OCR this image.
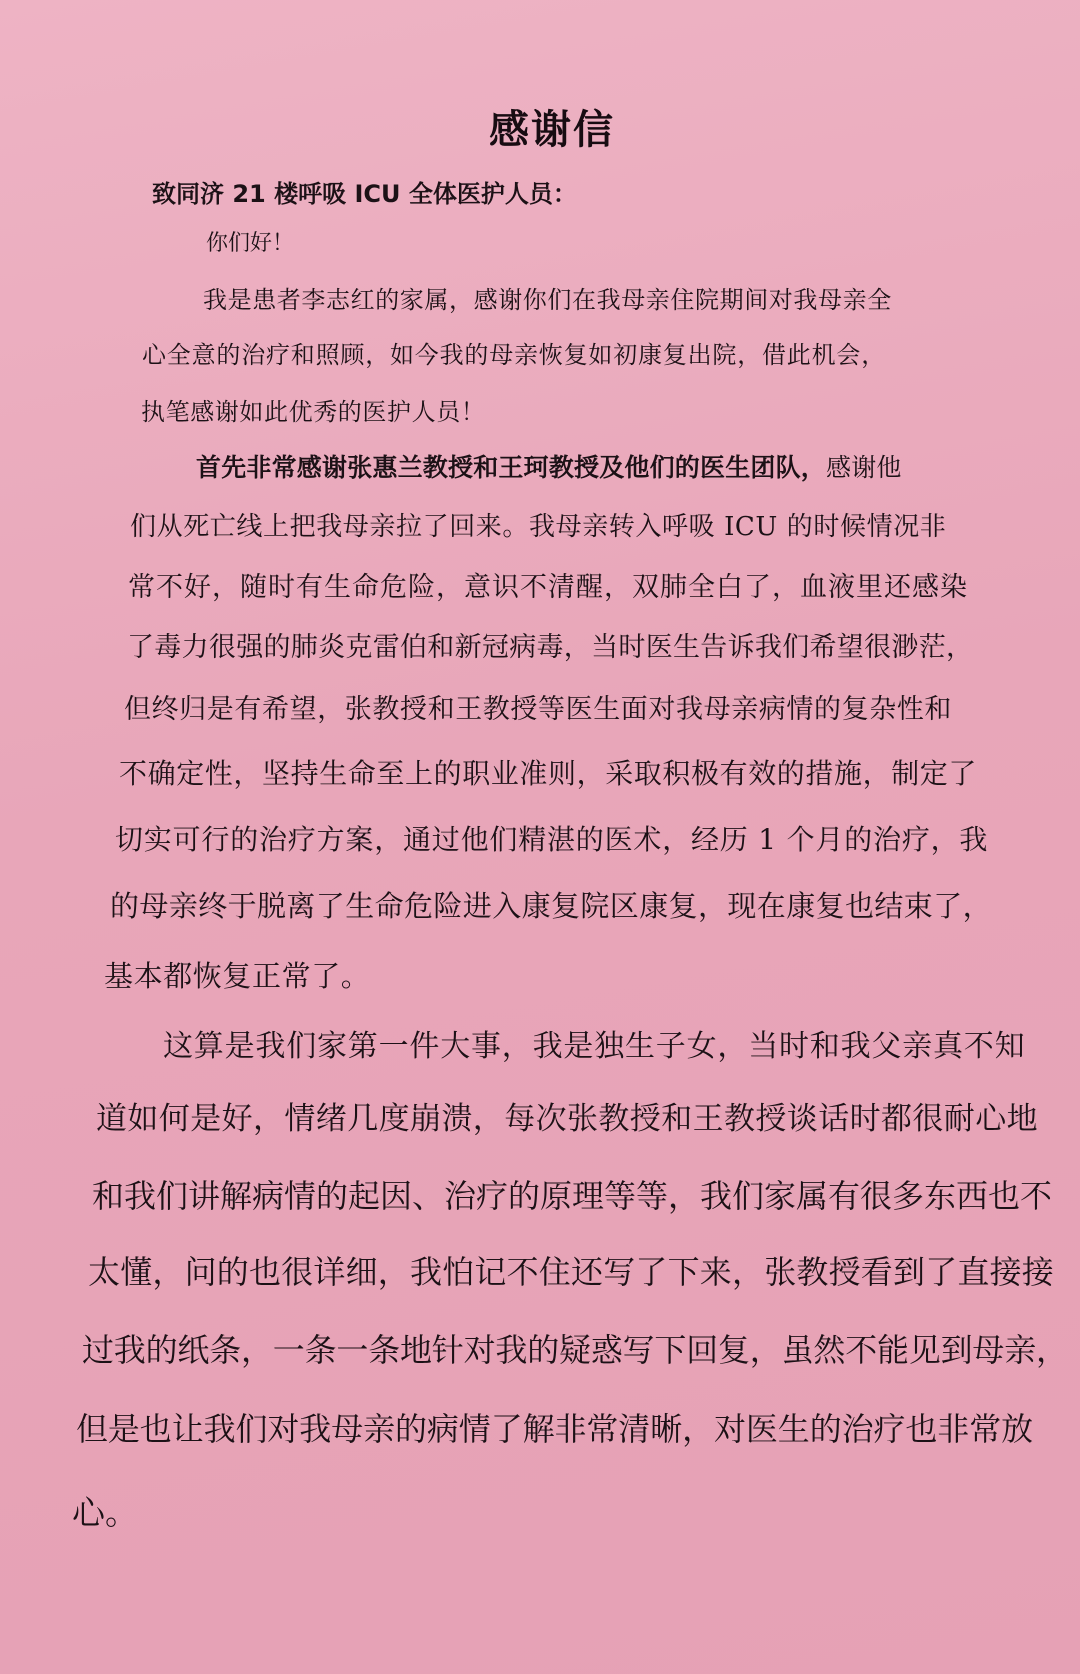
感谢信
致同济 21 楼呼吸 ICU 全体医护人员：
你们好！
我是患者李志红的家属，感谢你们在我母亲住院期间对我母亲全
心全意的治疗和照顾，如今我的母亲恢复如初康复出院，借此机会，
执笔感谢如此优秀的医护人员！
首先非常感谢张惠兰教授和王珂教授及他们的医生团队，感谢他
们从死亡线上把我母亲拉了回来。我母亲转入呼吸 ICU 的时候情况非
常不好，随时有生命危险，意识不清醒，双肺全白了，血液里还感染
了毒力很强的肺炎克雷伯和新冠病毒，当时医生告诉我们希望很渺茫，
但终归是有希望，张教授和王教授等医生面对我母亲病情的复杂性和
不确定性，坚持生命至上的职业准则，采取积极有效的措施，制定了
切实可行的治疗方案，通过他们精湛的医术，经历 1 个月的治疗，我
的母亲终于脱离了生命危险进入康复院区康复，现在康复也结束了，
基本都恢复正常了。
这算是我们家第一件大事，我是独生子女，当时和我父亲真不知
道如何是好，情绪几度崩溃，每次张教授和王教授谈话时都很耐心地
和我们讲解病情的起因、治疗的原理等等，我们家属有很多东西也不
太懂，问的也很详细，我怕记不住还写了下来，张教授看到了直接接
过我的纸条，一条一条地针对我的疑惑写下回复，虽然不能见到母亲，
但是也让我们对我母亲的病情了解非常清晰，对医生的治疗也非常放
心。
